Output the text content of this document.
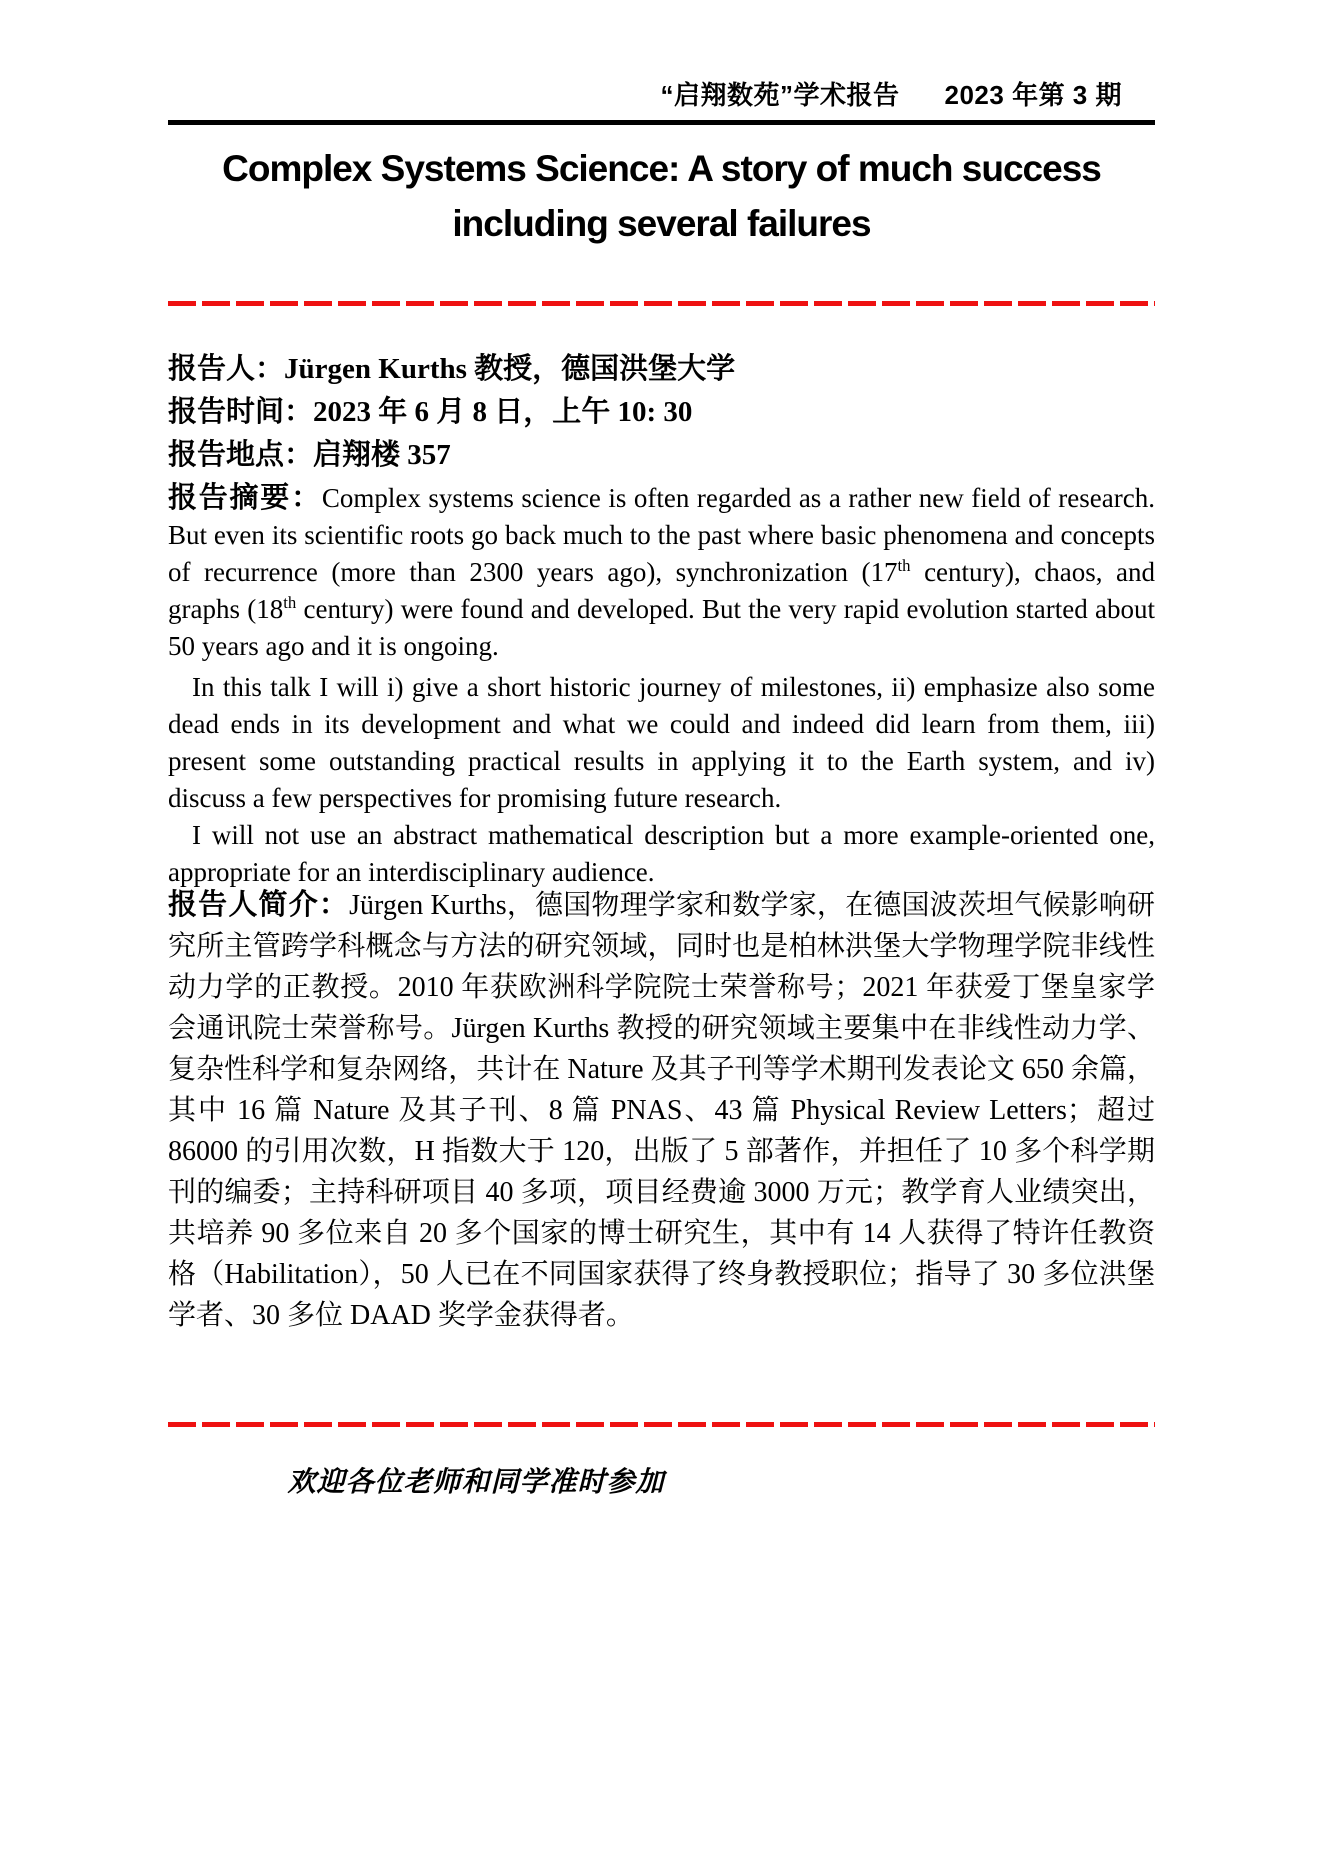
“启翔数苑”学术报告 2023 年第 3 期
Complex Systems Science: A story of much success
including several failures

报告人：Jürgen Kurths 教授，德国洪堡大学

报告时间：2023 年 6 月 8 日，上午 10: 30

报告地点：启翔楼 357

报告摘要：Complex systems science is often regarded as a rather new field of research. But even its scientific roots go back much to the past where basic phenomena and concepts of recurrence (more than 2300 years ago), synchronization (17th century), chaos, and graphs (18th century) were found and developed. But the very rapid evolution started about 50 years ago and it is ongoing.

In this talk I will i) give a short historic journey of milestones, ii) emphasize also some dead ends in its development and what we could and indeed did learn from them, iii) present some outstanding practical results in applying it to the Earth system, and iv) discuss a few perspectives for promising future research.

I will not use an abstract mathematical description but a more example-oriented one, appropriate for an interdisciplinary audience.

报告人简介：Jürgen Kurths，德国物理学家和数学家，在德国波茨坦气候影响研究所主管跨学科概念与方法的研究领域，同时也是柏林洪堡大学物理学院非线性动力学的正教授。2010 年获欧洲科学院院士荣誉称号；2021 年获爱丁堡皇家学会通讯院士荣誉称号。Jürgen Kurths 教授的研究领域主要集中在非线性动力学、复杂性科学和复杂网络，共计在 Nature 及其子刊等学术期刊发表论文 650 余篇，其中 16 篇 Nature 及其子刊、8 篇 PNAS、43 篇 Physical Review Letters；超过 86000 的引用次数，H 指数大于 120，出版了 5 部著作，并担任了 10 多个科学期刊的编委；主持科研项目 40 多项，项目经费逾 3000 万元；教学育人业绩突出，共培养 90 多位来自 20 多个国家的博士研究生，其中有 14 人获得了特许任教资格（Habilitation），50 人已在不同国家获得了终身教授职位；指导了 30 多位洪堡学者、30 多位 DAAD 奖学金获得者。

欢迎各位老师和同学准时参加
